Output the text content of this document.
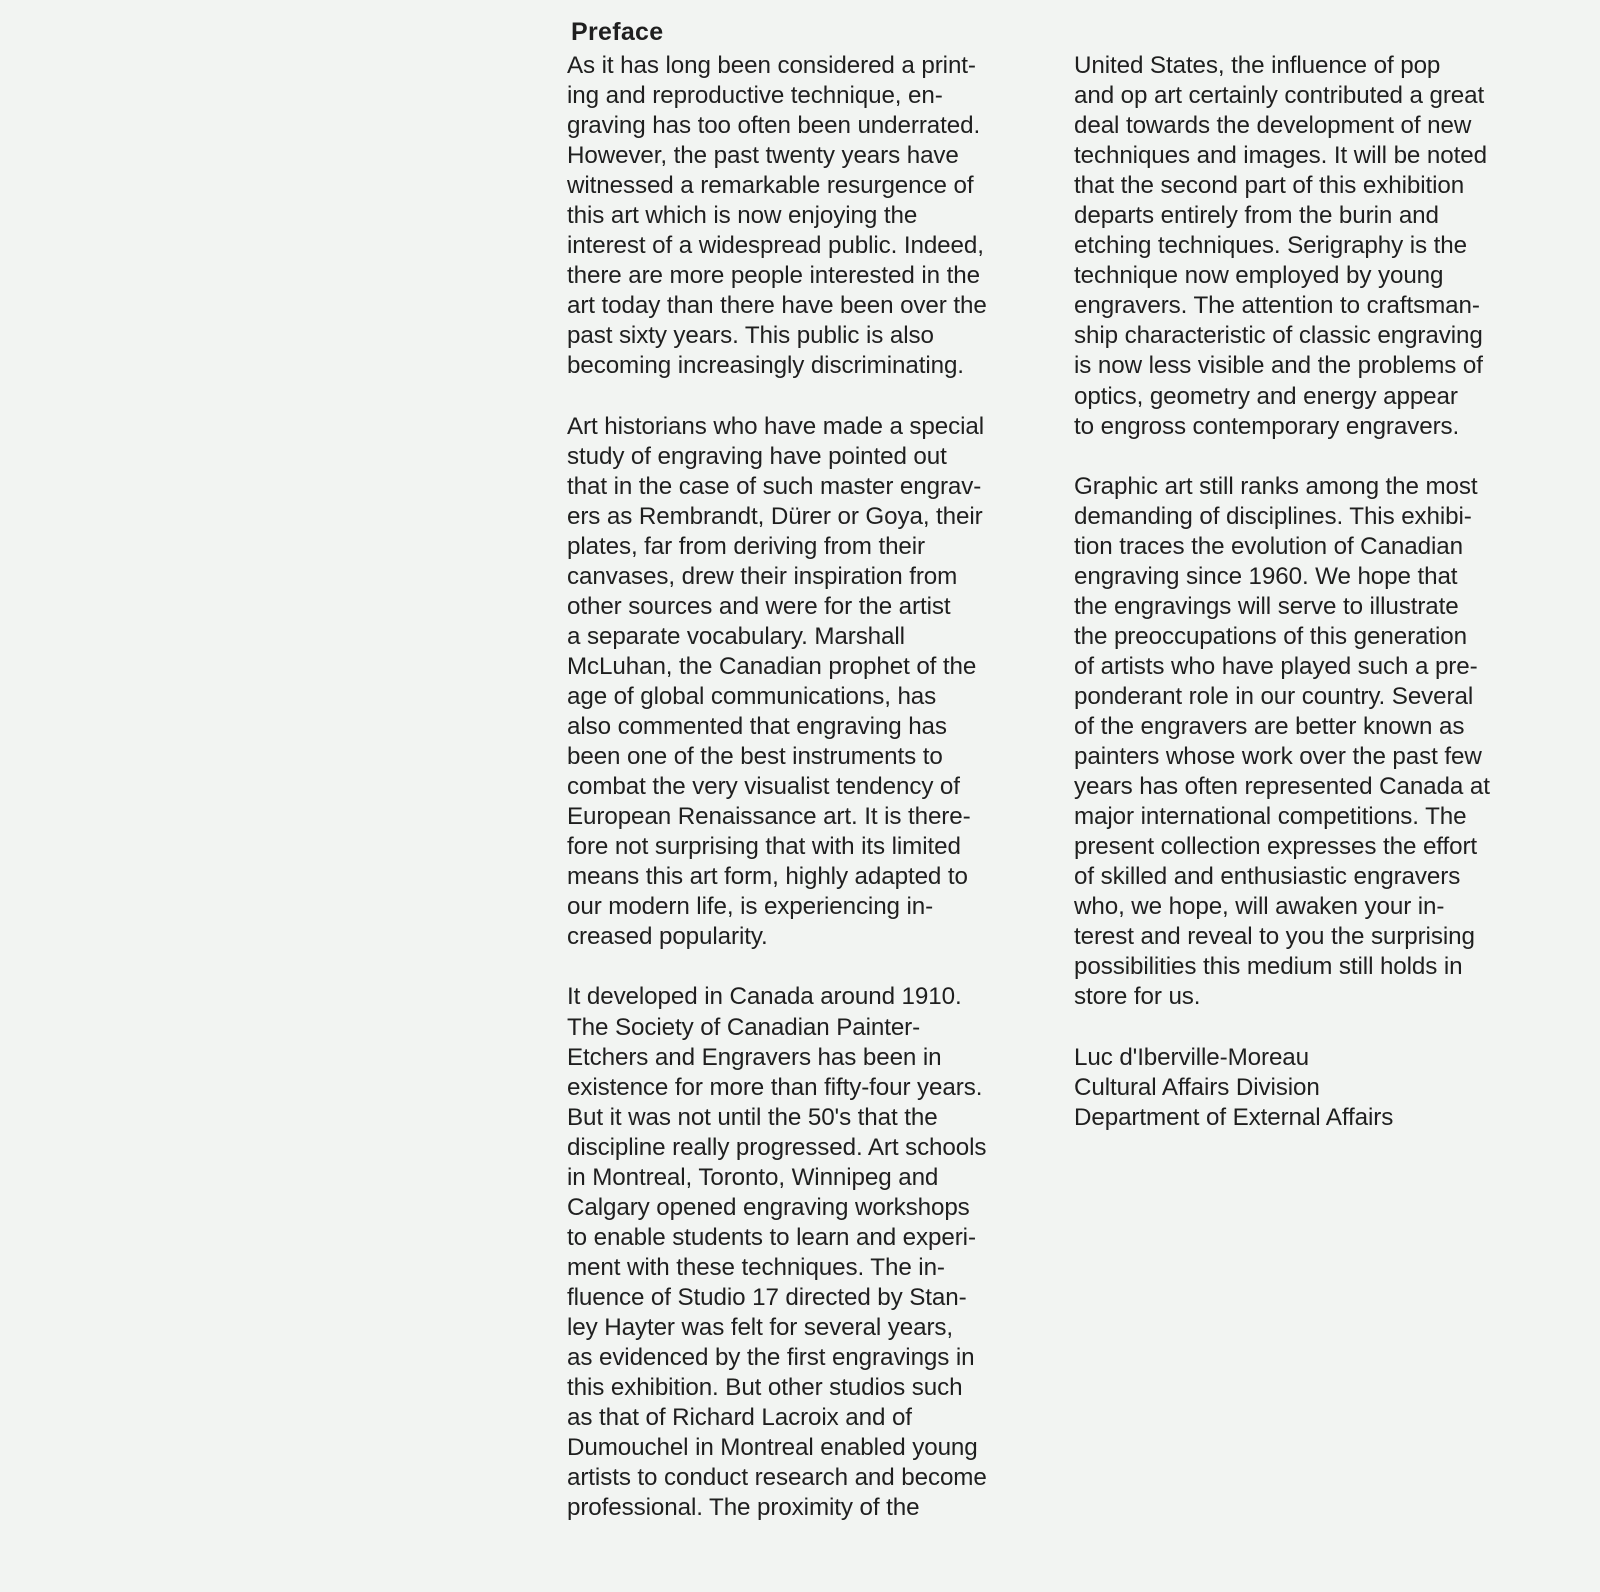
Preface
As it has long been considered a print-
ing and reproductive technique, en-
graving has too often been underrated.
However, the past twenty years have
witnessed a remarkable resurgence of
this art which is now enjoying the
interest of a widespread public. Indeed,
there are more people interested in the
art today than there have been over the
past sixty years. This public is also
becoming increasingly discriminating.
Art historians who have made a special
study of engraving have pointed out
that in the case of such master engrav-
ers as Rembrandt, Dürer or Goya, their
plates, far from deriving from their
canvases, drew their inspiration from
other sources and were for the artist
a separate vocabulary. Marshall
McLuhan, the Canadian prophet of the
age of global communications, has
also commented that engraving has
been one of the best instruments to
combat the very visualist tendency of
European Renaissance art. It is there-
fore not surprising that with its limited
means this art form, highly adapted to
our modern life, is experiencing in-
creased popularity.
It developed in Canada around 1910.
The Society of Canadian Painter-
Etchers and Engravers has been in
existence for more than fifty-four years.
But it was not until the 50's that the
discipline really progressed. Art schools
in Montreal, Toronto, Winnipeg and
Calgary opened engraving workshops
to enable students to learn and experi-
ment with these techniques. The in-
fluence of Studio 17 directed by Stan-
ley Hayter was felt for several years,
as evidenced by the first engravings in
this exhibition. But other studios such
as that of Richard Lacroix and of
Dumouchel in Montreal enabled young
artists to conduct research and become
professional. The proximity of the
United States, the influence of pop
and op art certainly contributed a great
deal towards the development of new
techniques and images. It will be noted
that the second part of this exhibition
departs entirely from the burin and
etching techniques. Serigraphy is the
technique now employed by young
engravers. The attention to craftsman-
ship characteristic of classic engraving
is now less visible and the problems of
optics, geometry and energy appear
to engross contemporary engravers.
Graphic art still ranks among the most
demanding of disciplines. This exhibi-
tion traces the evolution of Canadian
engraving since 1960. We hope that
the engravings will serve to illustrate
the preoccupations of this generation
of artists who have played such a pre-
ponderant role in our country. Several
of the engravers are better known as
painters whose work over the past few
years has often represented Canada at
major international competitions. The
present collection expresses the effort
of skilled and enthusiastic engravers
who, we hope, will awaken your in-
terest and reveal to you the surprising
possibilities this medium still holds in
store for us.
Luc d'Iberville-Moreau
Cultural Affairs Division
Department of External Affairs
